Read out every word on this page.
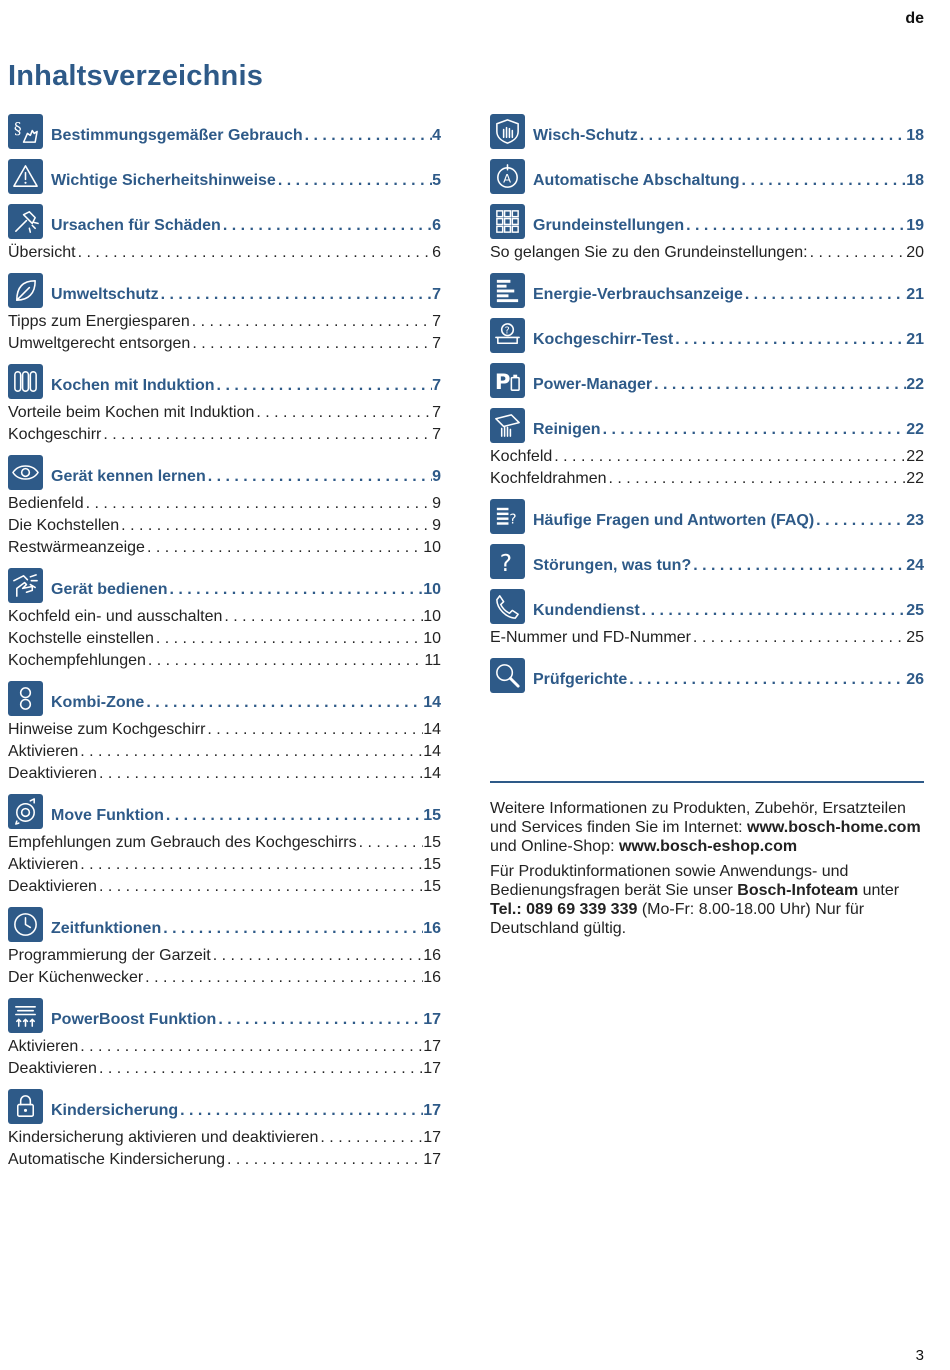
de
Inhaltsverzeichnis
§ Bestimmungsgemäßer Gebrauch . . .	4
Wichtige Sicherheitshinweise . . .	5
Ursachen für Schäden . . .	6
Übersicht . . .	6
Umweltschutz . . .	7
Tipps zum Energiesparen . . .	7
Umweltgerecht entsorgen . . .	7
Kochen mit Induktion . . .	7
Vorteile beim Kochen mit Induktion . . .	7
Kochgeschirr . . .	7
Gerät kennen lernen . . .	9
Bedienfeld . . .	9
Die Kochstellen . . .	9
Restwärmeanzeige . . .	10
Gerät bedienen . . .	10
Kochfeld ein- und ausschalten . . .	10
Kochstelle einstellen . . .	10
Kochempfehlungen . . .	11
Kombi-Zone . . .	14
Hinweise zum Kochgeschirr . . .	14
Aktivieren . . .	14
Deaktivieren . . .	14
Move Funktion . . .	15
Empfehlungen zum Gebrauch des Kochgeschirrs . . .	15
Aktivieren . . .	15
Deaktivieren . . .	15
Zeitfunktionen . . .	16
Programmierung der Garzeit . . .	16
Der Küchenwecker . . .	16
PowerBoost Funktion . . .	17
Aktivieren . . .	17
Deaktivieren . . .	17
Kindersicherung . . .	17
Kindersicherung aktivieren und deaktivieren . . .	17
Automatische Kindersicherung . . .	17
Wisch-Schutz . . .	18
A Automatische Abschaltung . . .	18
Grundeinstellungen . . .	19
So gelangen Sie zu den Grundeinstellungen: . . .	20
Energie-Verbrauchsanzeige . . .	21
?
Kochgeschirr-Test . . .	21
P Power-Manager . . .	22
Reinigen . . .	22
Kochfeld . . .	22
Kochfeldrahmen . . .	22
? Häufige Fragen und Antworten (FAQ) . . .	23
? Störungen, was tun? . . .	24
Kundendienst . . .	25
E-Nummer und FD-Nummer . . .	25
Prüfgerichte . . .	26

Weitere Informationen zu Produkten, Zubehör, Ersatzteilen und Services finden Sie im Internet: www.bosch-home.com und Online-Shop: www.bosch-eshop.com

Für Produktinformationen sowie Anwendungs- und Bedienungsfragen berät Sie unser Bosch-Infoteam unter Tel.: 089 69 339 339 (Mo-Fr: 8.00-18.00 Uhr) Nur für Deutschland gültig.

3
